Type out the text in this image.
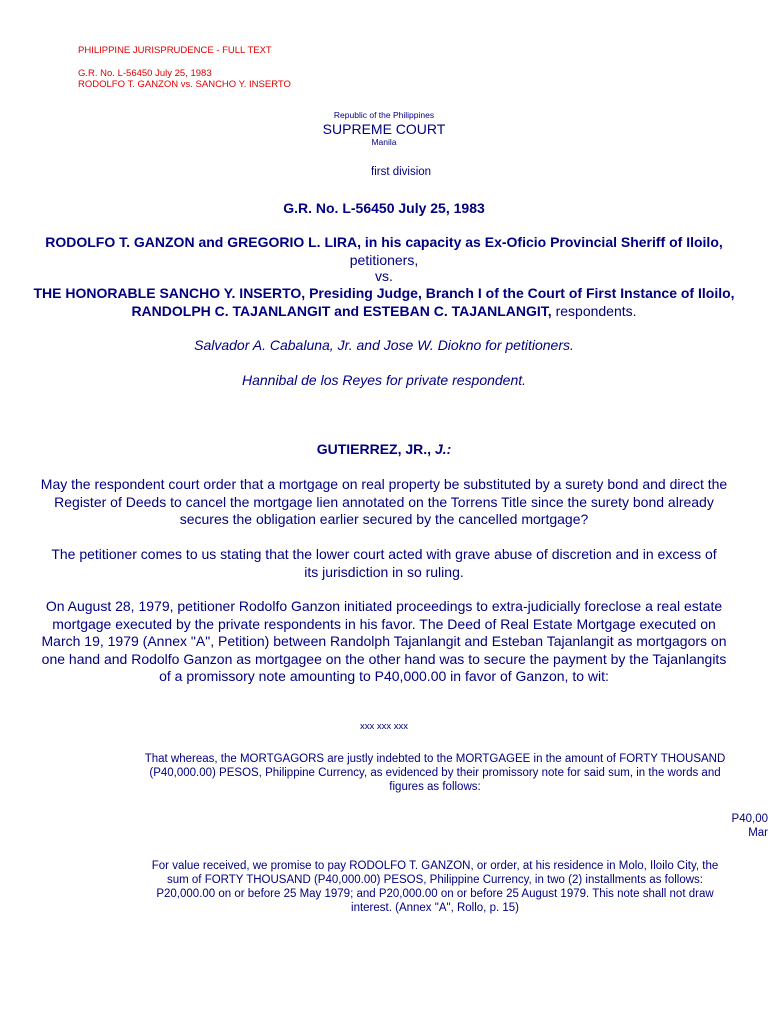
PHILIPPINE JURISPRUDENCE - FULL TEXT
G.R. No. L-56450 July 25, 1983
RODOLFO T. GANZON vs. SANCHO Y. INSERTO
Republic of the Philippines
SUPREME COURT
Manila
first division
G.R. No. L-56450 July 25, 1983
RODOLFO T. GANZON and GREGORIO L. LIRA, in his capacity as Ex-Oficio Provincial Sheriff of Iloilo, petitioners,
vs.
THE HONORABLE SANCHO Y. INSERTO, Presiding Judge, Branch I of the Court of First Instance of Iloilo, RANDOLPH C. TAJANLANGIT and ESTEBAN C. TAJANLANGIT, respondents.
Salvador A. Cabaluna, Jr. and Jose W. Diokno for petitioners.
Hannibal de los Reyes for private respondent.
GUTIERREZ, JR., J.:
May the respondent court order that a mortgage on real property be substituted by a surety bond and direct the Register of Deeds to cancel the mortgage lien annotated on the Torrens Title since the surety bond already secures the obligation earlier secured by the cancelled mortgage?
The petitioner comes to us stating that the lower court acted with grave abuse of discretion and in excess of its jurisdiction in so ruling.
On August 28, 1979, petitioner Rodolfo Ganzon initiated proceedings to extra-judicially foreclose a real estate mortgage executed by the private respondents in his favor. The Deed of Real Estate Mortgage executed on March 19, 1979 (Annex "A", Petition) between Randolph Tajanlangit and Esteban Tajanlangit as mortgagors on one hand and Rodolfo Ganzon as mortgagee on the other hand was to secure the payment by the Tajanlangits of a promissory note amounting to P40,000.00 in favor of Ganzon, to wit:
xxx xxx xxx
That whereas, the MORTGAGORS are justly indebted to the MORTGAGEE in the amount of FORTY THOUSAND (P40,000.00) PESOS, Philippine Currency, as evidenced by their promissory note for said sum, in the words and figures as follows:
P40,00
Mar
For value received, we promise to pay RODOLFO T. GANZON, or order, at his residence in Molo, Iloilo City, the sum of FORTY THOUSAND (P40,000.00) PESOS, Philippine Currency, in two (2) installments as follows: P20,000.00 on or before 25 May 1979; and P20,000.00 on or before 25 August 1979. This note shall not draw interest. (Annex "A", Rollo, p. 15)
